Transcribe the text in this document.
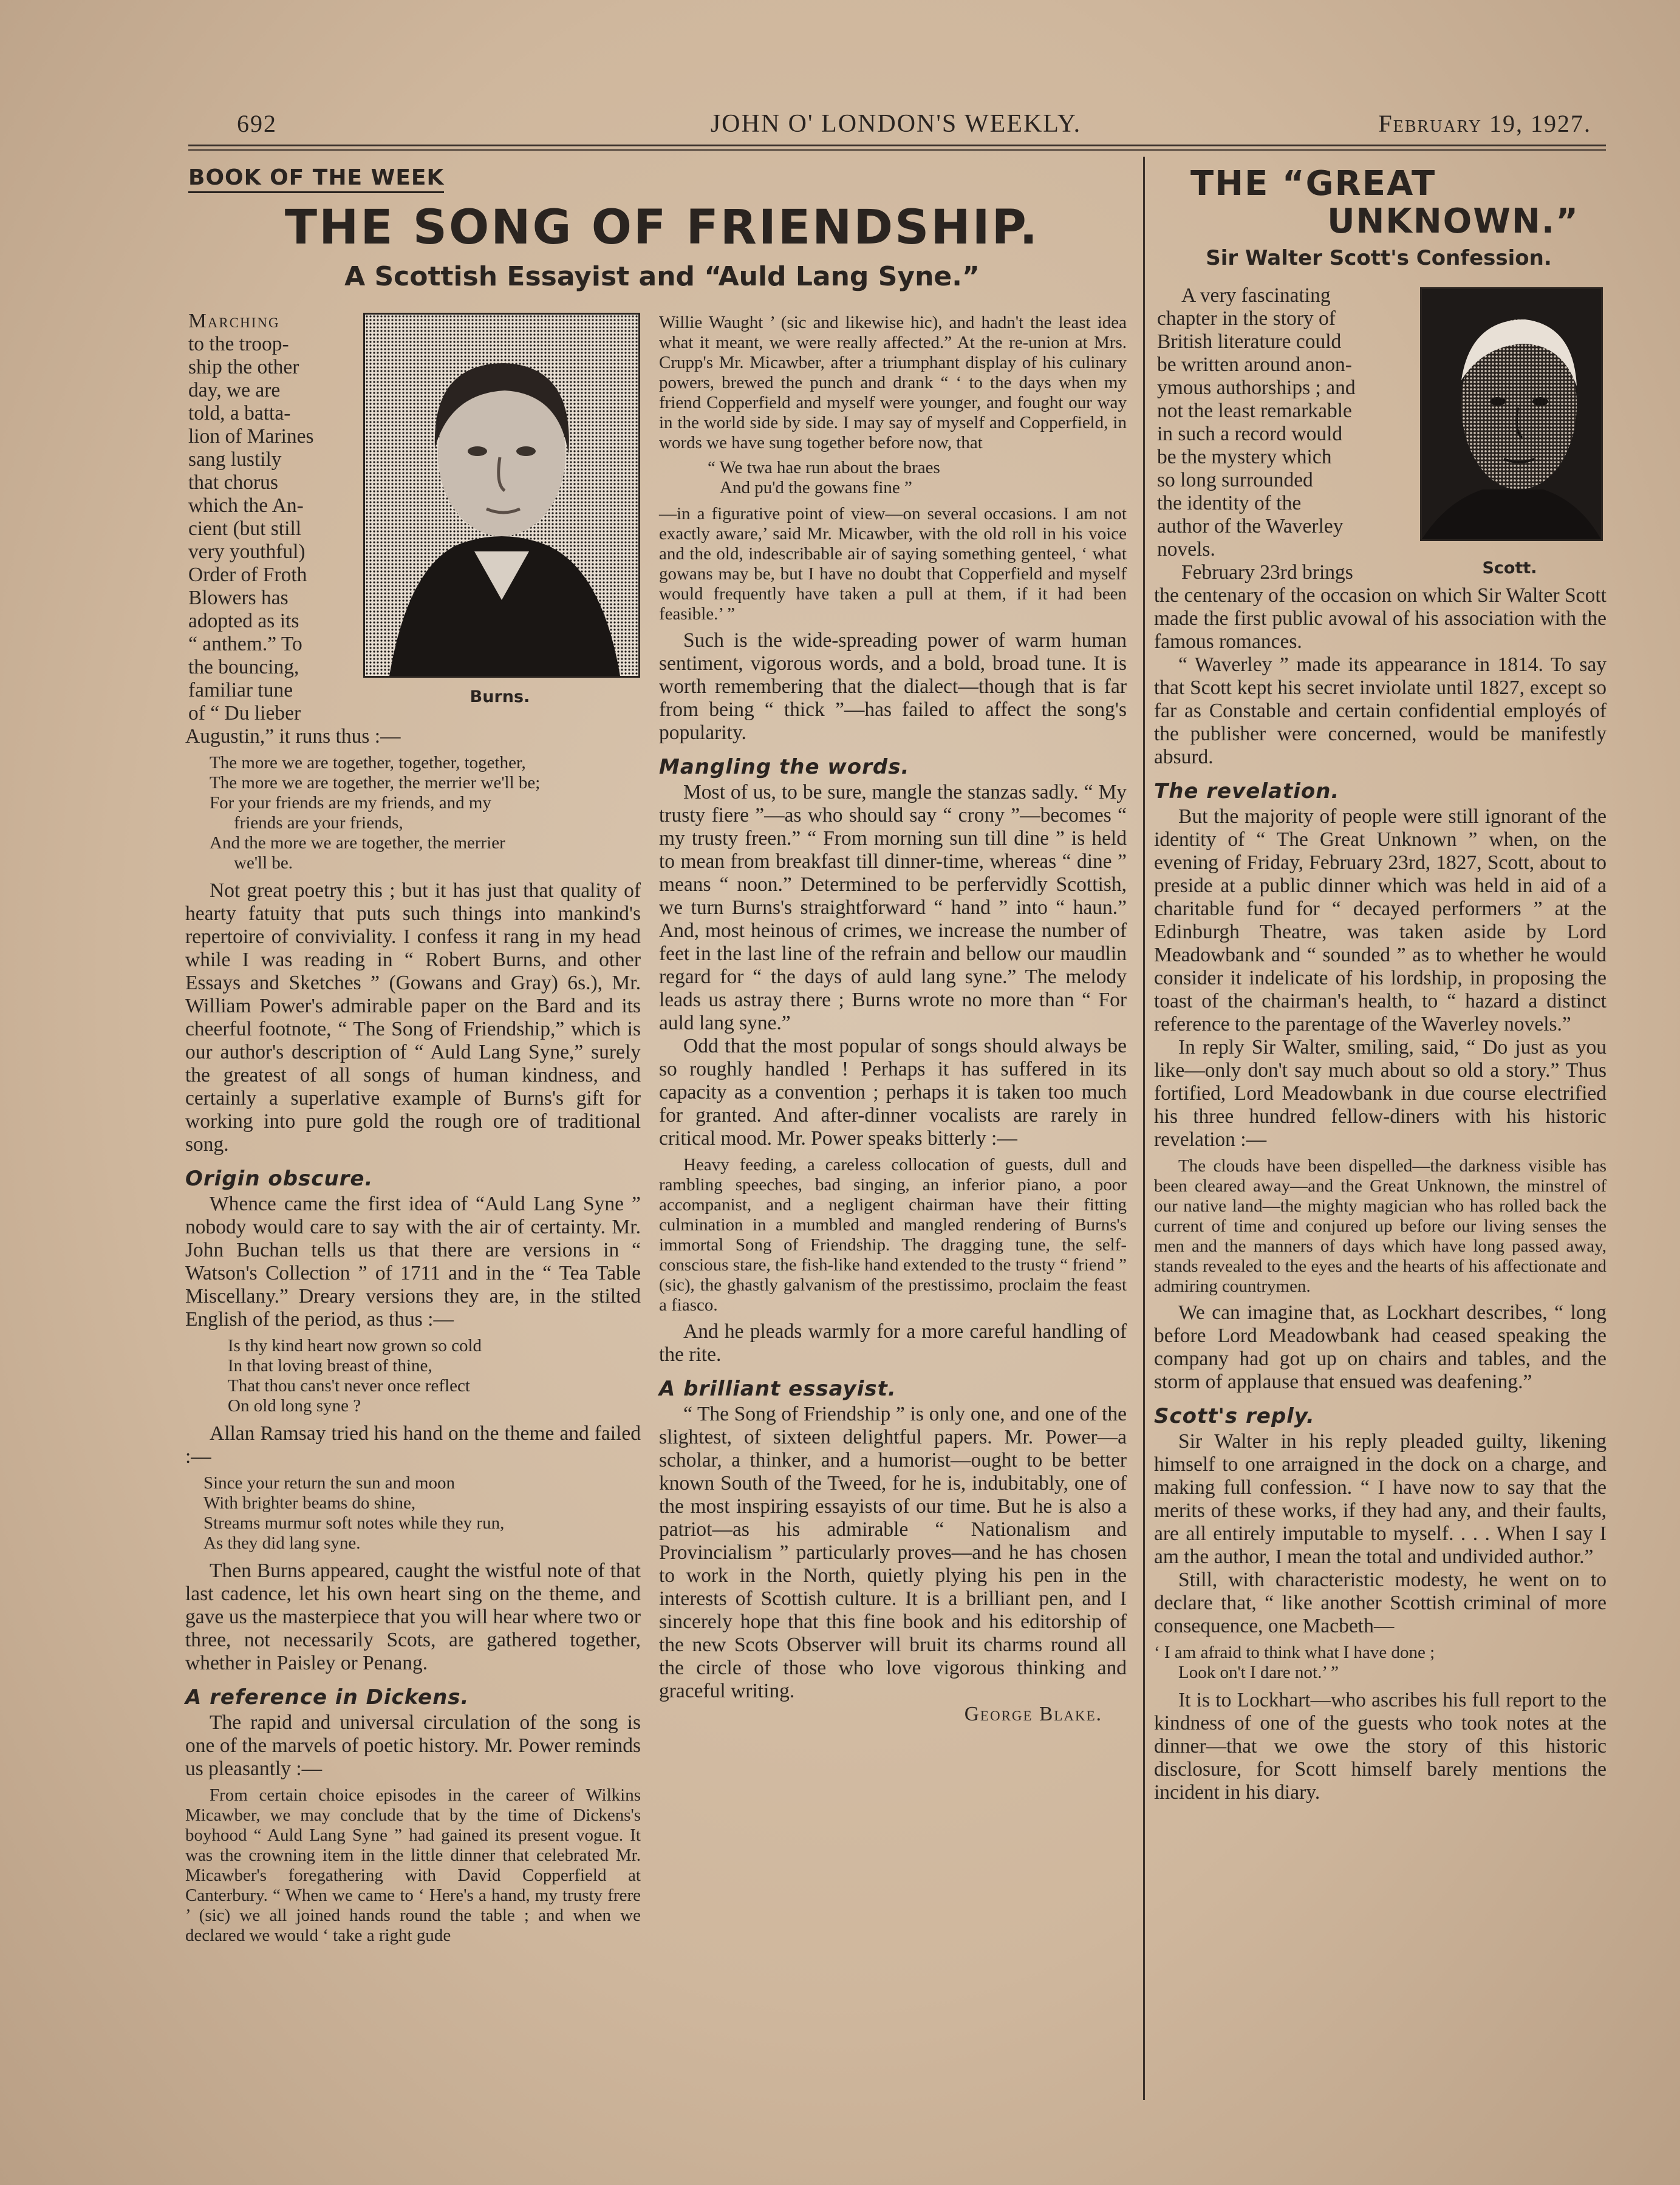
692	JOHN O' LONDON'S WEEKLY.	February 19, 1927.
BOOK OF THE WEEK
THE SONG OF FRIENDSHIP.
A Scottish Essayist and “Auld Lang Syne.”
Burns.
Marching
to the troop-
ship the other
day, we are
told, a batta-
lion of Marines
sang lustily
that chorus
which the An-
cient (but still
very youthful)
Order of Froth
Blowers has
adopted as its
“ anthem.” To
the bouncing,
familiar tune
of “ Du lieber

Augustin,” it runs thus :—

The more we are together, together, together,
The more we are together, the merrier we'll be;
For your friends are my friends, and my
friends are your friends,
And the more we are together, the merrier
we'll be.

Not great poetry this ; but it has just that quality of hearty fatuity that puts such things into mankind's repertoire of conviviality. I confess it rang in my head while I was reading in “ Robert Burns, and other Essays and Sketches ” (Gowans and Gray) 6s.), Mr. William Power's admirable paper on the Bard and its cheerful footnote, “ The Song of Friendship,” which is our author's description of “ Auld Lang Syne,” surely the greatest of all songs of human kindness, and certainly a superlative example of Burns's gift for working into pure gold the rough ore of traditional song.

Origin obscure.

Whence came the first idea of “Auld Lang Syne ” nobody would care to say with the air of certainty. Mr. John Buchan tells us that there are versions in “ Watson's Collection ” of 1711 and in the “ Tea Table Miscellany.” Dreary versions they are, in the stilted English of the period, as thus :—

Is thy kind heart now grown so cold
In that loving breast of thine,
That thou cans't never once reflect
On old long syne ?

Allan Ramsay tried his hand on the theme and failed :—

Since your return the sun and moon
With brighter beams do shine,
Streams murmur soft notes while they run,
As they did lang syne.

Then Burns appeared, caught the wistful note of that last cadence, let his own heart sing on the theme, and gave us the masterpiece that you will hear where two or three, not necessarily Scots, are gathered together, whether in Paisley or Penang.

A reference in Dickens.

The rapid and universal circulation of the song is one of the marvels of poetic history. Mr. Power reminds us pleasantly :—

From certain choice episodes in the career of Wilkins Micawber, we may conclude that by the time of Dickens's boyhood “ Auld Lang Syne ” had gained its present vogue. It was the crowning item in the little dinner that celebrated Mr. Micawber's foregathering with David Copperfield at Canterbury. “ When we came to ‘ Here's a hand, my trusty frere ’ (sic) we all joined hands round the table ; and when we declared we would ‘ take a right gude
Willie Waught ’ (sic and likewise hic), and hadn't the least idea what it meant, we were really affected.” At the re-union at Mrs. Crupp's Mr. Micawber, after a triumphant display of his culinary powers, brewed the punch and drank “ ‘ to the days when my friend Copperfield and myself were younger, and fought our way in the world side by side. I may say of myself and Copperfield, in words we have sung together before now, that
“ We twa hae run about the braes
And pu'd the gowans fine ”
—in a figurative point of view—on several occasions. I am not exactly aware,’ said Mr. Micawber, with the old roll in his voice and the old, indescribable air of saying something genteel, ‘ what gowans may be, but I have no doubt that Copperfield and myself would frequently have taken a pull at them, if it had been feasible.’ ”

Such is the wide-spreading power of warm human sentiment, vigorous words, and a bold, broad tune. It is worth remembering that the dialect—though that is far from being “ thick ”—has failed to affect the song's popularity.

Mangling the words.

Most of us, to be sure, mangle the stanzas sadly. “ My trusty fiere ”—as who should say “ crony ”—becomes “ my trusty freen.” “ From morning sun till dine ” is held to mean from breakfast till dinner-time, whereas “ dine ” means “ noon.” Determined to be perfervidly Scottish, we turn Burns's straightforward “ hand ” into “ haun.” And, most heinous of crimes, we increase the number of feet in the last line of the refrain and bellow our maudlin regard for “ the days of auld lang syne.” The melody leads us astray there ; Burns wrote no more than “ For auld lang syne.”

Odd that the most popular of songs should always be so roughly handled ! Perhaps it has suffered in its capacity as a convention ; perhaps it is taken too much for granted. And after-dinner vocalists are rarely in critical mood. Mr. Power speaks bitterly :—

Heavy feeding, a careless collocation of guests, dull and rambling speeches, bad singing, an inferior piano, a poor accompanist, and a negligent chairman have their fitting culmination in a mumbled and mangled rendering of Burns's immortal Song of Friendship. The dragging tune, the self-conscious stare, the fish-like hand extended to the trusty “ friend ” (sic), the ghastly galvanism of the prestissimo, proclaim the feast a fiasco.

And he pleads warmly for a more careful handling of the rite.

A brilliant essayist.

“ The Song of Friendship ” is only one, and one of the slightest, of sixteen delightful papers. Mr. Power—a scholar, a thinker, and a humorist—ought to be better known South of the Tweed, for he is, indubitably, one of the most inspiring essayists of our time. But he is also a patriot—as his admirable “ Nationalism and Provincialism ” particularly proves—and he has chosen to work in the North, quietly plying his pen in the interests of Scottish culture. It is a brilliant pen, and I sincerely hope that this fine book and his editorship of the new Scots Observer will bruit its charms round all the circle of those who love vigorous thinking and graceful writing.

George Blake.
THE “GREAT
UNKNOWN.”
Sir Walter Scott's Confession.
Scott.
A very fascinating
chapter in the story of
British literature could
be written around anon-
ymous authorships ; and
not the least remarkable
in such a record would
be the mystery which
so long surrounded
the identity of the
author of the Waverley
novels.
February 23rd brings

the centenary of the occasion on which Sir Walter Scott made the first public avowal of his association with the famous romances.

“ Waverley ” made its appearance in 1814. To say that Scott kept his secret inviolate until 1827, except so far as Constable and certain confidential employés of the publisher were concerned, would be manifestly absurd.

The revelation.

But the majority of people were still ignorant of the identity of “ The Great Unknown ” when, on the evening of Friday, February 23rd, 1827, Scott, about to preside at a public dinner which was held in aid of a charitable fund for “ decayed performers ” at the Edinburgh Theatre, was taken aside by Lord Meadowbank and “ sounded ” as to whether he would consider it indelicate of his lordship, in proposing the toast of the chairman's health, to “ hazard a distinct reference to the parentage of the Waverley novels.”

In reply Sir Walter, smiling, said, “ Do just as you like—only don't say much about so old a story.” Thus fortified, Lord Meadowbank in due course electrified his three hundred fellow-diners with his historic revelation :—

The clouds have been dispelled—the darkness visible has been cleared away—and the Great Unknown, the minstrel of our native land—the mighty magician who has rolled back the current of time and conjured up before our living senses the men and the manners of days which have long passed away, stands revealed to the eyes and the hearts of his affectionate and admiring countrymen.

We can imagine that, as Lockhart describes, “ long before Lord Meadowbank had ceased speaking the company had got up on chairs and tables, and the storm of applause that ensued was deafening.”

Scott's reply.

Sir Walter in his reply pleaded guilty, likening himself to one arraigned in the dock on a charge, and making full confession. “ I have now to say that the merits of these works, if they had any, and their faults, are all entirely imputable to myself. . . . When I say I am the author, I mean the total and undivided author.”

Still, with characteristic modesty, he went on to declare that, “ like another Scottish criminal of more consequence, one Macbeth—

‘ I am afraid to think what I have done ;
Look on't I dare not.’ ”

It is to Lockhart—who ascribes his full report to the kindness of one of the guests who took notes at the dinner—that we owe the story of this historic disclosure, for Scott himself barely mentions the incident in his diary.
